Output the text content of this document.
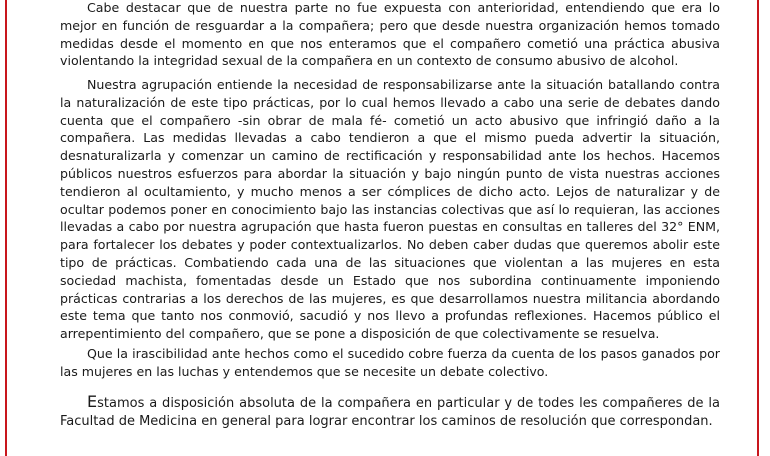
Cabe destacar que de nuestra parte no fue expuesta con anterioridad, entendiendo que era lo mejor en función de resguardar a la compañera; pero que desde nuestra organización hemos tomado medidas desde el momento en que nos enteramos que el compañero cometió una práctica abusiva violentando la integridad sexual de la compañera en un contexto de consumo abusivo de alcohol.

Nuestra agrupación entiende la necesidad de responsabilizarse ante la situación batallando contra la naturalización de este tipo prácticas, por lo cual hemos llevado a cabo una serie de debates dando cuenta que el compañero -sin obrar de mala fé- cometió un acto abusivo que infringió daño a la compañera. Las medidas llevadas a cabo tendieron a que el mismo pueda advertir la situación, desnaturalizarla y comenzar un camino de rectificación y responsabilidad ante los hechos. Hacemos públicos nuestros esfuerzos para abordar la situación y bajo ningún punto de vista nuestras acciones tendieron al ocultamiento, y mucho menos a ser cómplices de dicho acto. Lejos de naturalizar y de ocultar podemos poner en conocimiento bajo las instancias colectivas que así lo requieran, las acciones llevadas a cabo por nuestra agrupación que hasta fueron puestas en consultas en talleres del 32° ENM, para fortalecer los debates y poder contextualizarlos. No deben caber dudas que queremos abolir este tipo de prácticas. Combatiendo cada una de las situaciones que violentan a las mujeres en esta sociedad machista, fomentadas desde un Estado que nos subordina continuamente imponiendo prácticas contrarias a los derechos de las mujeres, es que desarrollamos nuestra militancia abordando este tema que tanto nos conmovió, sacudió y nos llevo a profundas reflexiones. Hacemos público el arrepentimiento del compañero, que se pone a disposición de que colectivamente se resuelva.

Que la irascibilidad ante hechos como el sucedido cobre fuerza da cuenta de los pasos ganados por las mujeres en las luchas y entendemos que se necesite un debate colectivo.

Estamos a disposición absoluta de la compañera en particular y de todes les compañeres de la Facultad de Medicina en general para lograr encontrar los caminos de resolución que correspondan.
